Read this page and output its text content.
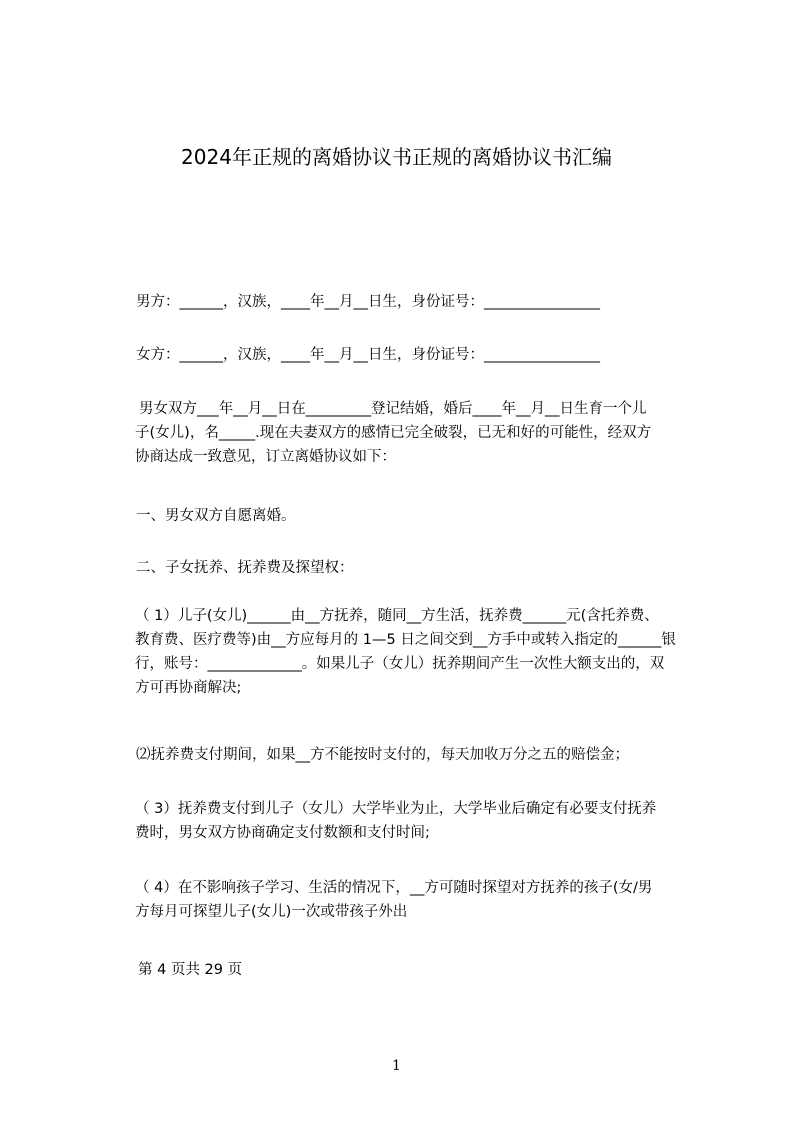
2024年正规的离婚协议书正规的离婚协议书汇编
男方：______，汉族，____年__月__日生，身份证号：________________
女方：______，汉族，____年__月__日生，身份证号：________________
男女双方___年__月__日在_________登记结婚，婚后____年__月__日生育一个儿
子(女儿)，名_____.现在夫妻双方的感情已完全破裂，已无和好的可能性，经双方
协商达成一致意见，订立离婚协议如下：
一、男女双方自愿离婚。
二、子女抚养、抚养费及探望权：
（ 1）儿子(女儿)______由__方抚养，随同__方生活，抚养费______元(含托养费、
教育费、医疗费等)由__方应每月的 1—5 日之间交到__方手中或转入指定的______银
行，账号：_____________。如果儿子（女儿）抚养期间产生一次性大额支出的，双
方可再协商解决;
⑵抚养费支付期间，如果__方不能按时支付的，每天加收万分之五的赔偿金；
（ 3）抚养费支付到儿子（女儿）大学毕业为止，大学毕业后确定有必要支付抚养
费时，男女双方协商确定支付数额和支付时间;
（ 4）在不影响孩子学习、生活的情况下，__方可随时探望对方抚养的孩子(女/男
方每月可探望儿子(女儿)一次或带孩子外出
第 4 页共 29 页
1
